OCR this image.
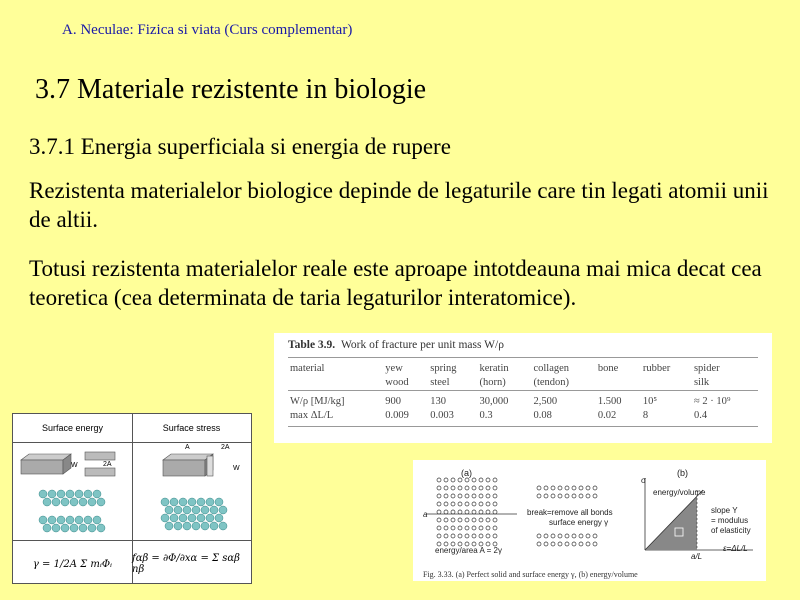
A. Neculae: Fizica si viata (Curs complementar)
3.7 Materiale rezistente in biologie
3.7.1 Energia superficiala si energia de rupere
Rezistenta materialelor biologice depinde de legaturile care tin legati atomii unii de altii.
Totusi rezistenta materialelor reale este aproape intotdeauna mai mica decat cea teoretica (cea determinata de taria legaturilor interatomice).
Table 3.9. Work of fracture per unit mass W/ρ
material	yew	spring	keratin	collagen	bone	rubber	spider
	wood	steel	(horn)	(tendon)			silk
W/ρ [MJ/kg]	900	130	30,000	2,500	1.500	10⁵	≈ 2 · 10⁹
max ΔL/L	0.009	0.003	0.3	0.08	0.02	8	0.4
Surface energy	Surface stress
W	2A
A	2A
W
γ = 1/2A Σ mᵢΦᵢ	fαβ = ∂Φ/∂xα = Σ sαβ nβ
(a)	(b)
a	break=remove all bonds
surface energy γ
energy/area A = 2γ
σ
energy/volume
slope Y
= modulus
of elasticity
a/L
ε=ΔL/L
Fig. 3.33. (a) Perfect solid and surface energy γ, (b) energy/volume
